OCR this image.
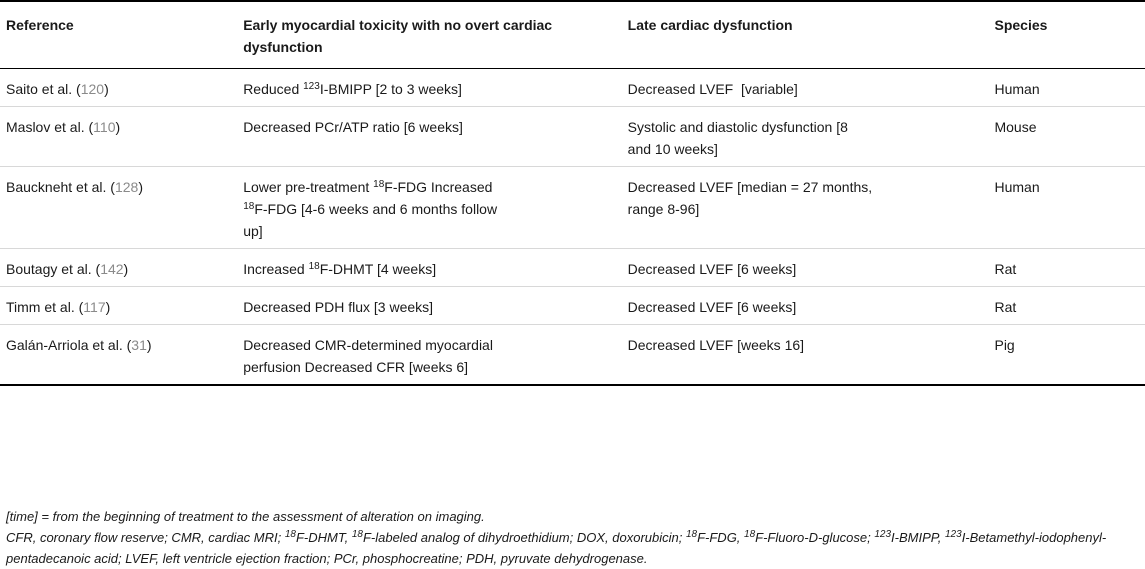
Reference	Early myocardial toxicity with no overt cardiac dysfunction	Late cardiac dysfunction	Species
Saito et al. (120)	Reduced $^{123}$I-BMIPP [2 to 3 weeks]	Decreased LVEF  [variable]	Human
Maslov et al. (110)	Decreased PCr/ATP ratio [6 weeks]	Systolic and diastolic dysfunction [8 and 10 weeks]	Mouse
Bauckneht et al. (128)	Lower pre-treatment $^{18}$F-FDG Increased $^{18}$F-FDG [4-6 weeks and 6 months follow up]	Decreased LVEF [median = 27 months, range 8-96]	Human
Boutagy et al. (142)	Increased $^{18}$F-DHMT [4 weeks]	Decreased LVEF [6 weeks]	Rat
Timm et al. (117)	Decreased PDH flux [3 weeks]	Decreased LVEF [6 weeks]	Rat
Galán-Arriola et al. (31)	Decreased CMR-determined myocardial perfusion Decreased CFR [weeks 6]	Decreased LVEF [weeks 16]	Pig

[time] = from the beginning of treatment to the assessment of alteration on imaging.

CFR, coronary flow reserve; CMR, cardiac MRI; $^{18}$F-DHMT, $^{18}$F-labeled analog of dihydroethidium; DOX, doxorubicin; $^{18}$F-FDG, $^{18}$F-Fluoro-D-glucose; $^{123}$I-BMIPP, $^{123}$I-Betamethyl-iodophenyl-pentadecanoic acid; LVEF, left ventricle ejection fraction; PCr, phosphocreatine; PDH, pyruvate dehydrogenase.
